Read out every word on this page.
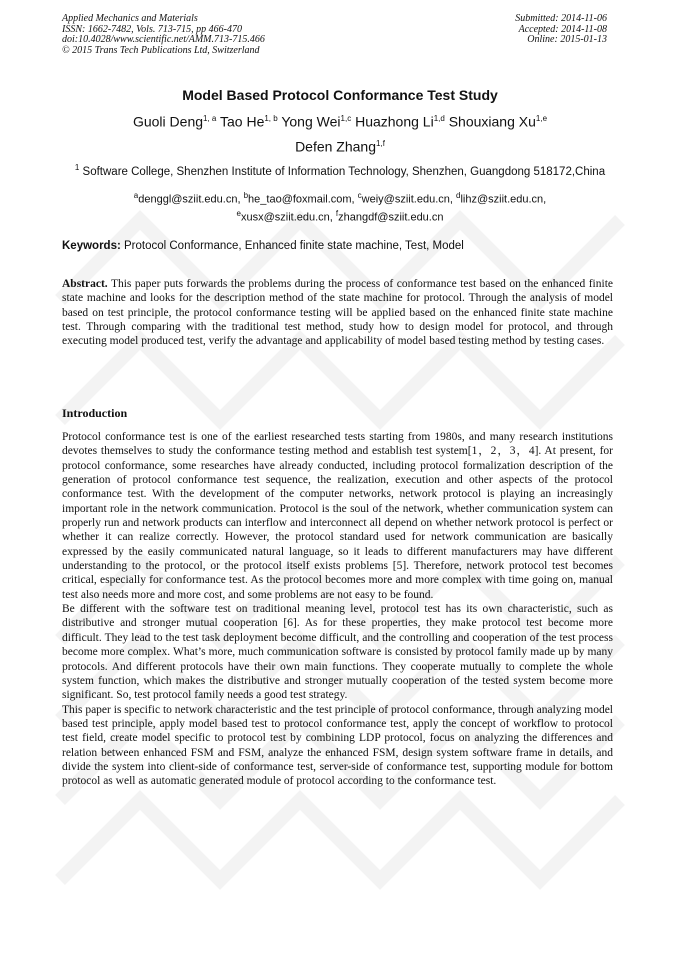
Applied Mechanics and Materials
ISSN: 1662-7482, Vols. 713-715, pp 466-470
doi:10.4028/www.scientific.net/AMM.713-715.466
© 2015 Trans Tech Publications Ltd, Switzerland
Submitted: 2014-11-06
Accepted: 2014-11-08
Online: 2015-01-13
Model Based Protocol Conformance Test Study
Guoli Deng$^{1, a}$ Tao He$^{1, b}$ Yong Wei$^{1,c}$ Huazhong Li$^{1,d}$ Shouxiang Xu$^{1,e}$
Defen Zhang$^{1,f}$
$^1$ Software College, Shenzhen Institute of Information Technology, Shenzhen, Guangdong 518172,China
$^a$denggl@sziit.edu.cn, $^b$he_tao@foxmail.com, $^c$weiy@sziit.edu.cn, $^d$lihz@sziit.edu.cn,
$^e$xusx@sziit.edu.cn, $^f$zhangdf@sziit.edu.cn
Keywords: Protocol Conformance, Enhanced finite state machine, Test, Model

Abstract. This paper puts forwards the problems during the process of conformance test based on the enhanced finite state machine and looks for the description method of the state machine for protocol. Through the analysis of model based on test principle, the protocol conformance testing will be applied based on the enhanced finite state machine test. Through comparing with the traditional test method, study how to design model for protocol, and through executing model produced test, verify the advantage and applicability of model based testing method by testing cases.

Introduction

Protocol conformance test is one of the earliest researched tests starting from 1980s, and many research institutions devotes themselves to study the conformance testing method and establish test system[1，2，3，4]. At present, for protocol conformance, some researches have already conducted, including protocol formalization description of the generation of protocol conformance test sequence, the realization, execution and other aspects of the protocol conformance test. With the development of the computer networks, network protocol is playing an increasingly important role in the network communication. Protocol is the soul of the network, whether communication system can properly run and network products can interflow and interconnect all depend on whether network protocol is perfect or whether it can realize correctly. However, the protocol standard used for network communication are basically expressed by the easily communicated natural language, so it leads to different manufacturers may have different understanding to the protocol, or the protocol itself exists problems [5]. Therefore, network protocol test becomes critical, especially for conformance test. As the protocol becomes more and more complex with time going on, manual test also needs more and more cost, and some problems are not easy to be found.

Be different with the software test on traditional meaning level, protocol test has its own characteristic, such as distributive and stronger mutual cooperation [6]. As for these properties, they make protocol test become more difficult. They lead to the test task deployment become difficult, and the controlling and cooperation of the test process become more complex. What’s more, much communication software is consisted by protocol family made up by many protocols. And different protocols have their own main functions. They cooperate mutually to complete the whole system function, which makes the distributive and stronger mutually cooperation of the tested system become more significant. So, test protocol family needs a good test strategy.

This paper is specific to network characteristic and the test principle of protocol conformance, through analyzing model based test principle, apply model based test to protocol conformance test, apply the concept of workflow to protocol test field, create model specific to protocol test by combining LDP protocol, focus on analyzing the differences and relation between enhanced FSM and FSM, analyze the enhanced FSM, design system software frame in details, and divide the system into client-side of conformance test, server-side of conformance test, supporting module for bottom protocol as well as automatic generated module of protocol according to the conformance test.
